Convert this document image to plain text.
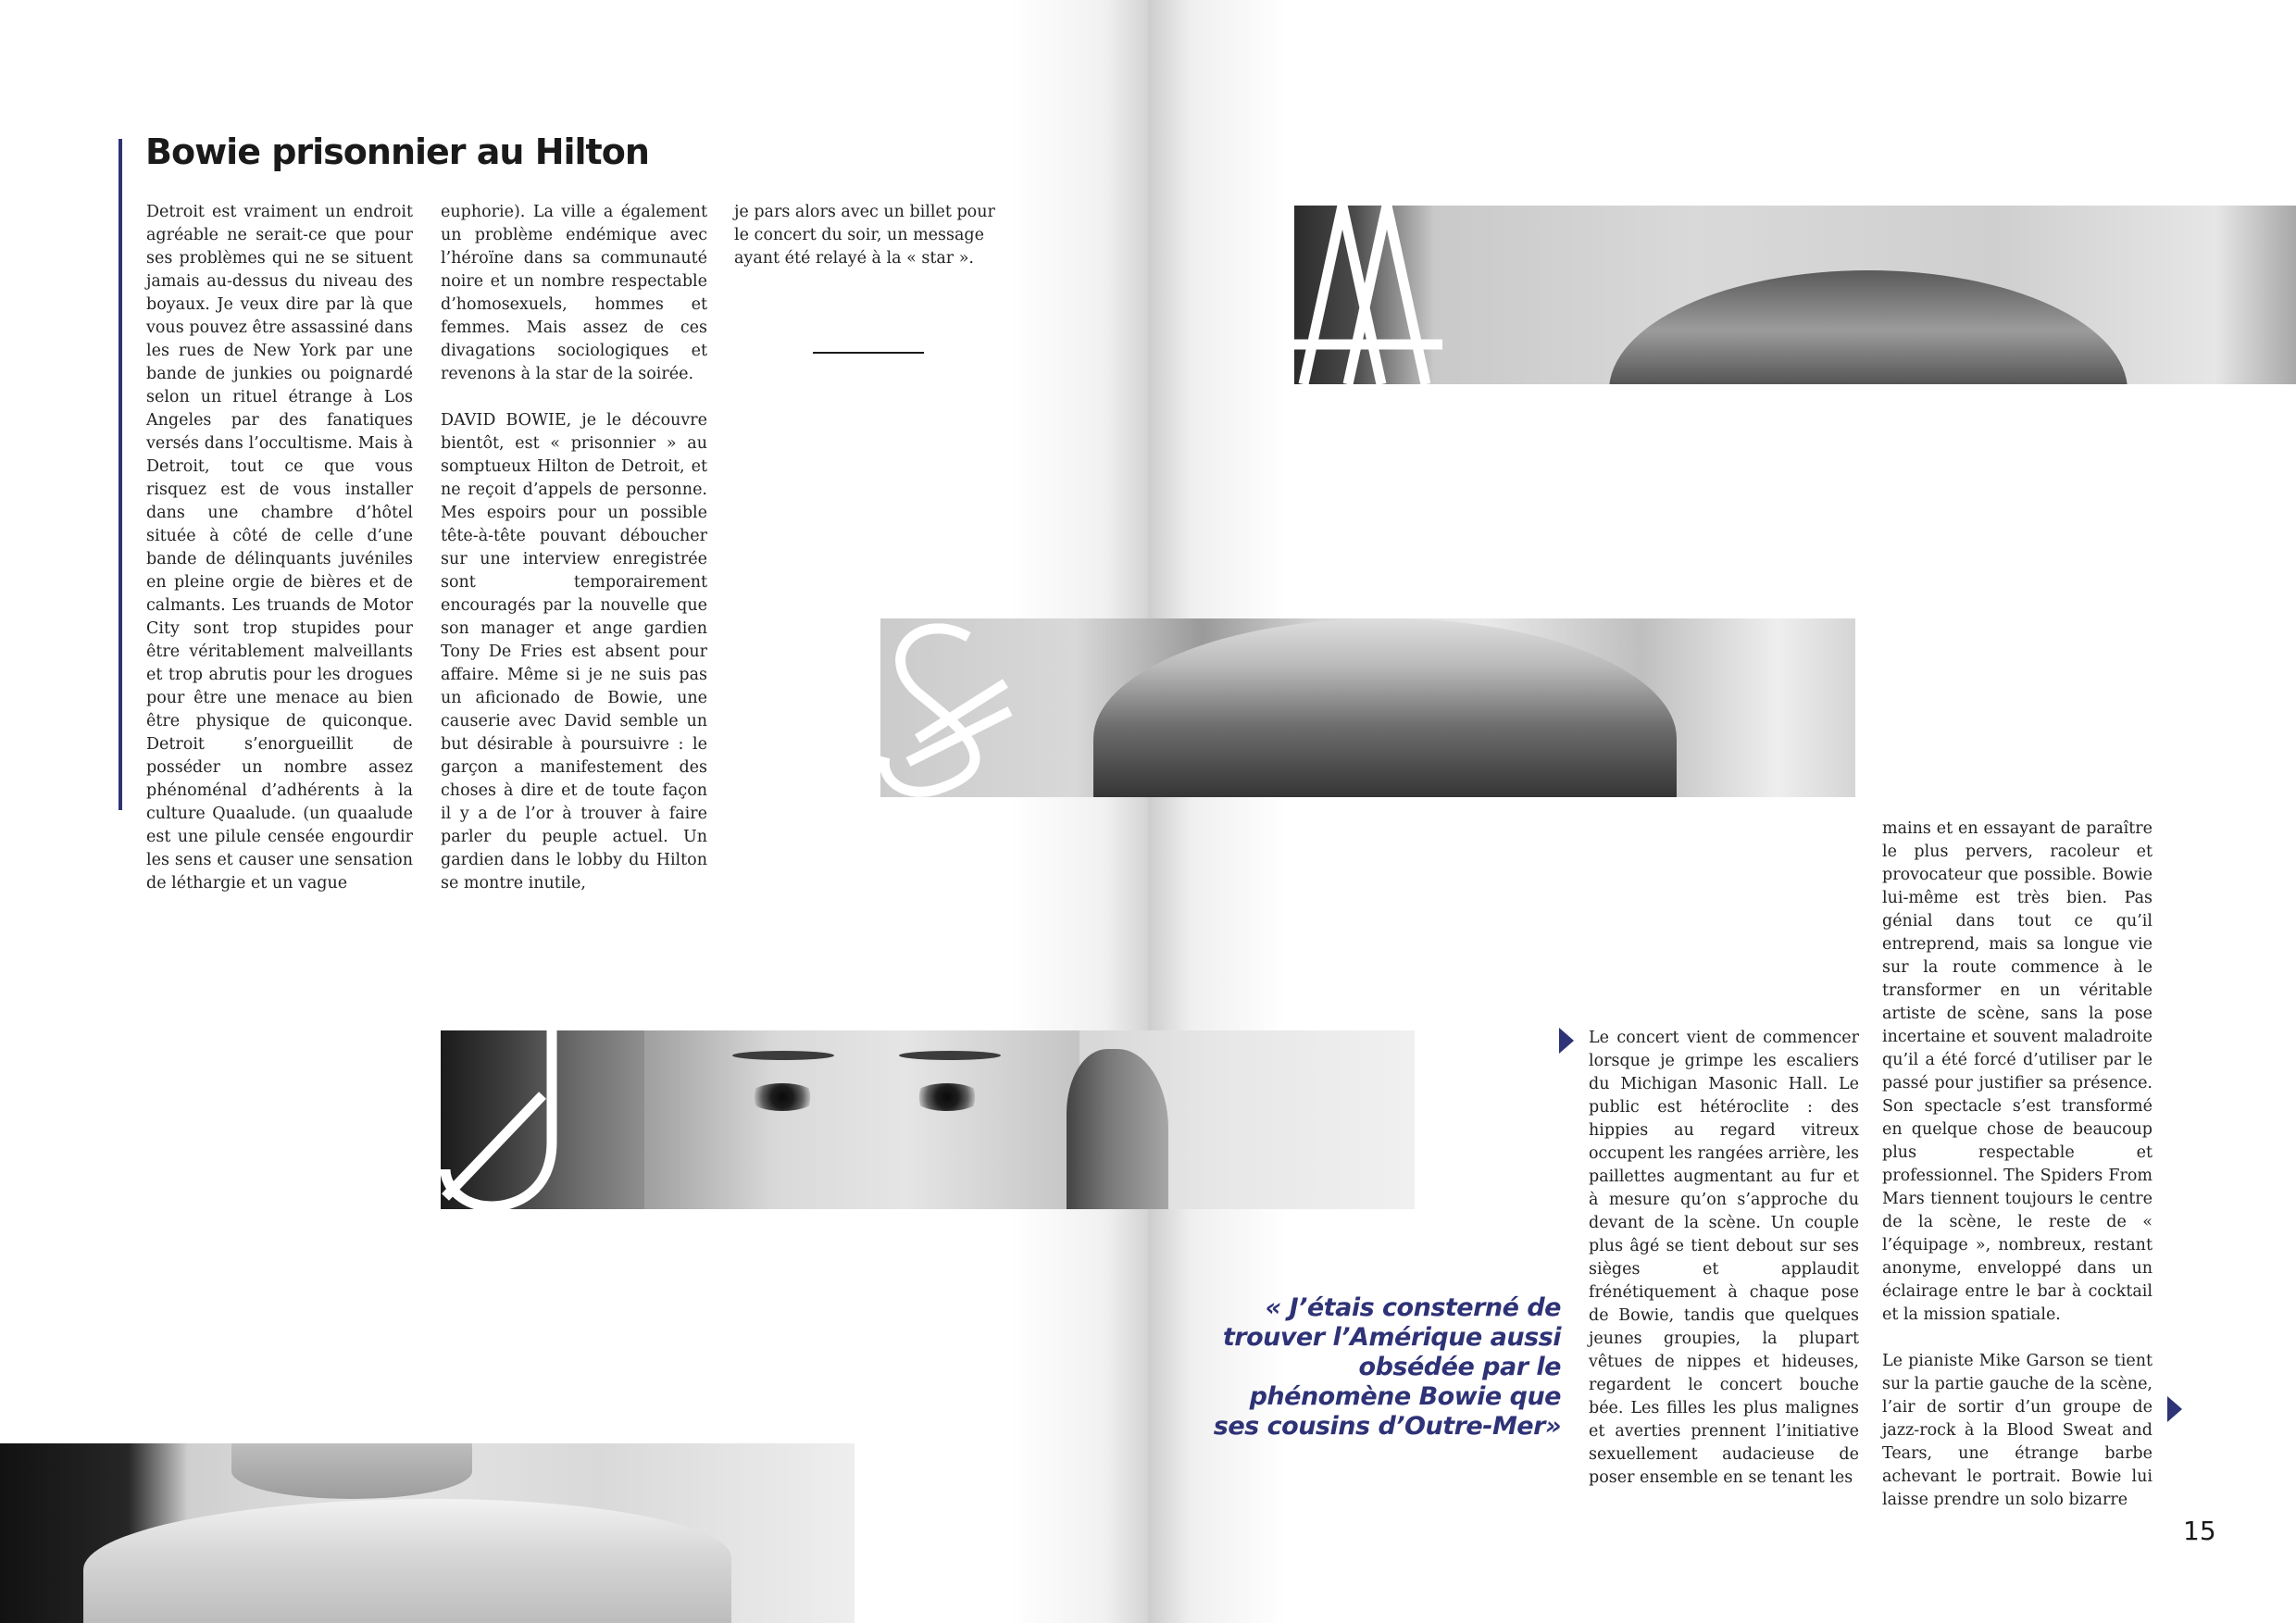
Bowie prisonnier au Hilton

Detroit est vraiment un endroit agréable ne serait-ce que pour ses problèmes qui ne se situent jamais au-dessus du niveau des boyaux. Je veux dire par là que vous pouvez être assassiné dans les rues de New York par une bande de junkies ou poignardé selon un rituel étrange à Los Angeles par des fanatiques versés dans l’occultisme. Mais à Detroit, tout ce que vous risquez est de vous installer dans une chambre d’hôtel située à côté de celle d’une bande de délinquants juvéniles en pleine orgie de bières et de calmants. Les truands de Motor City sont trop stupides pour être véritablement malveillants et trop abrutis pour les drogues pour être une menace au bien être physique de quiconque. Detroit s’enorgueillit de posséder un nombre assez phénoménal d’adhérents à la culture Quaalude. (un quaalude est une pilule censée engourdir les sens et causer une sensation de léthargie et un vague

euphorie). La ville a également un problème endémique avec l’héroïne dans sa communauté noire et un nombre respectable d’homosexuels, hommes et femmes. Mais assez de ces divagations sociologiques et revenons à la star de la soirée.

DAVID BOWIE, je le découvre bientôt, est « prisonnier » au somptueux Hilton de Detroit, et ne reçoit d’appels de personne. Mes espoirs pour un possible tête-à-tête pouvant déboucher sur une interview enregistrée sont temporairement encouragés par la nouvelle que son manager et ange gardien Tony De Fries est absent pour affaire. Même si je ne suis pas un aficionado de Bowie, une causerie avec David semble un but désirable à poursuivre : le garçon a manifestement des choses à dire et de toute façon il y a de l’or à trouver à faire parler du peuple actuel. Un gardien dans le lobby du Hilton se montre inutile,

je pars alors avec un billet pour le concert du soir, un message ayant été relayé à la « star ».

« J’étais consterné de trouver l’Amérique aussi obsédée par le phénomène Bowie que ses cousins d’Outre-Mer»

Le concert vient de commencer lorsque je grimpe les escaliers du Michigan Masonic Hall. Le public est hétéroclite : des hippies au regard vitreux occupent les rangées arrière, les paillettes augmentant au fur et à mesure qu’on s’approche du devant de la scène. Un couple plus âgé se tient debout sur ses sièges et applaudit frénétiquement à chaque pose de Bowie, tandis que quelques jeunes groupies, la plupart vêtues de nippes et hideuses, regardent le concert bouche bée. Les filles les plus malignes et averties prennent l’initiative sexuellement audacieuse de poser ensemble en se tenant les

mains et en essayant de paraître le plus pervers, racoleur et provocateur que possible. Bowie lui-même est très bien. Pas génial dans tout ce qu’il entreprend, mais sa longue vie sur la route commence à le transformer en un véritable artiste de scène, sans la pose incertaine et souvent maladroite qu’il a été forcé d’utiliser par le passé pour justifier sa présence. Son spectacle s’est transformé en quelque chose de beaucoup plus respectable et professionnel. The Spiders From Mars tiennent toujours le centre de la scène, le reste de « l’équipage », nombreux, restant anonyme, enveloppé dans un éclairage entre le bar à cocktail et la mission spatiale.

Le pianiste Mike Garson se tient sur la partie gauche de la scène, l’air de sortir d’un groupe de jazz-rock à la Blood Sweat and Tears, une étrange barbe achevant le portrait. Bowie lui laisse prendre un solo bizarre

15
